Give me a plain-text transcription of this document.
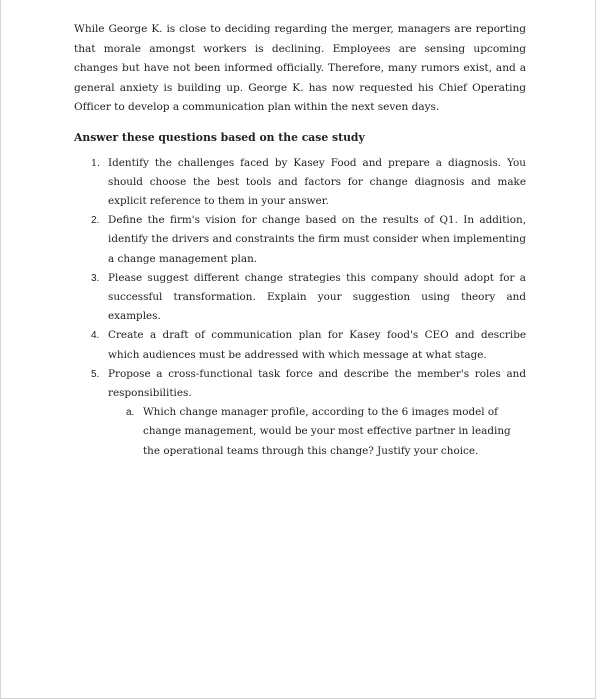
While George K. is close to deciding regarding the merger, managers are reporting that morale amongst workers is declining. Employees are sensing upcoming changes but have not been informed officially. Therefore, many rumors exist, and a general anxiety is building up. George K. has now requested his Chief Operating Officer to develop a communication plan within the next seven days.

Answer these questions based on the case study
1. Identify the challenges faced by Kasey Food and prepare a diagnosis. You should choose the best tools and factors for change diagnosis and make explicit reference to them in your answer.
2. Define the firm's vision for change based on the results of Q1. In addition, identify the drivers and constraints the firm must consider when implementing a change management plan.
3. Please suggest different change strategies this company should adopt for a successful transformation. Explain your suggestion using theory and examples.
4. Create a draft of communication plan for Kasey food's CEO and describe which audiences must be addressed with which message at what stage.
5. Propose a cross-functional task force and describe the member's roles and responsibilities.
a. Which change manager profile, according to the 6 images model of change management, would be your most effective partner in leading the operational teams through this change? Justify your choice.
